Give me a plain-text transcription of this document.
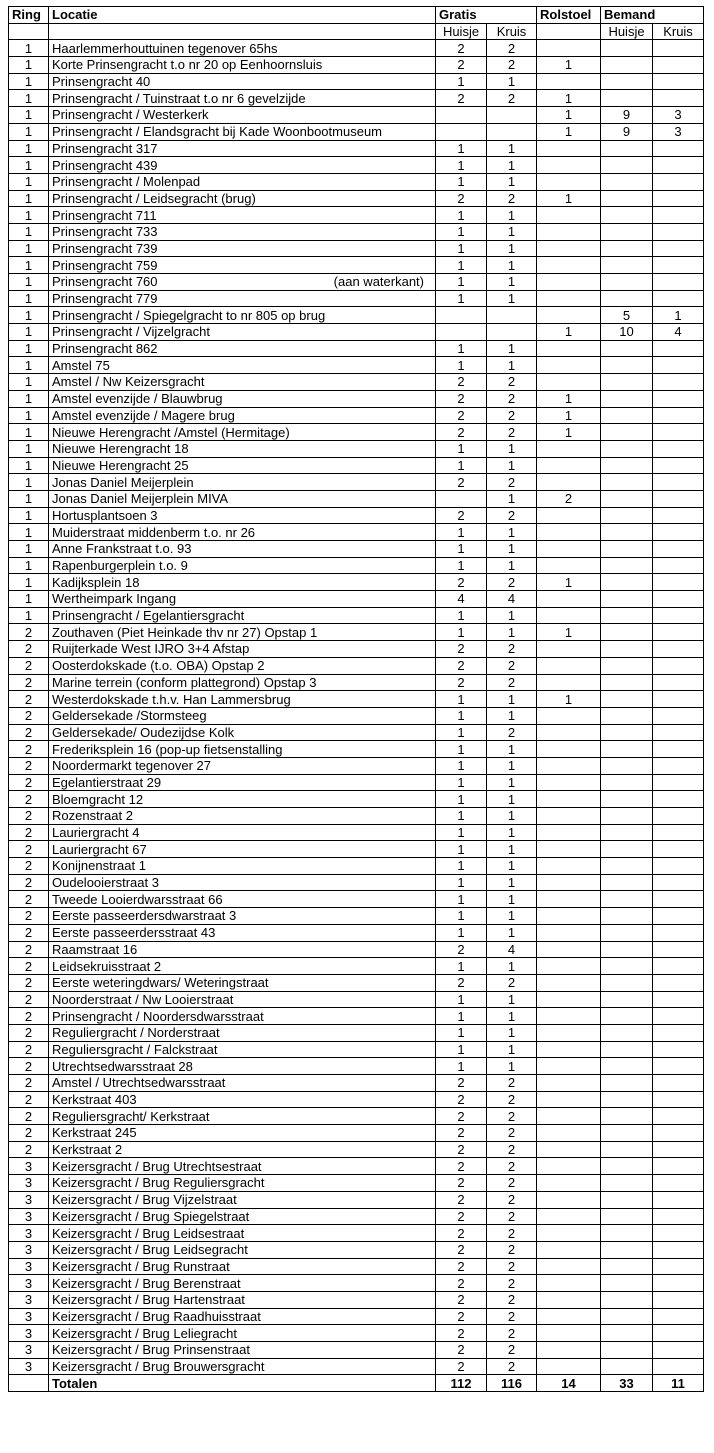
Ring	Locatie	Gratis		Rolstoel	Bemand	
		Huisje	Kruis		Huisje	Kruis
1	Haarlemmerhouttuinen tegenover 65hs	2	2			
1	Korte Prinsengracht t.o nr 20 op Eenhoornsluis	2	2	1		
1	Prinsengracht 40	1	1			
1	Prinsengracht / Tuinstraat t.o nr 6 gevelzijde	2	2	1		
1	Prinsengracht / Westerkerk			1	9	3
1	Prinsengracht / Elandsgracht bij Kade Woonbootmuseum			1	9	3
1	Prinsengracht 317	1	1			
1	Prinsengracht 439	1	1			
1	Prinsengracht / Molenpad	1	1			
1	Prinsengracht / Leidsegracht (brug)	2	2	1		
1	Prinsengracht 711	1	1			
1	Prinsengracht 733	1	1			
1	Prinsengracht 739	1	1			
1	Prinsengracht 759	1	1			
1	Prinsengracht 760 (aan waterkant)	1	1			
1	Prinsengracht 779	1	1			
1	Prinsengracht / Spiegelgracht to nr 805 op brug				5	1
1	Prinsengracht / Vijzelgracht			1	10	4
1	Prinsengracht 862	1	1			
1	Amstel 75	1	1			
1	Amstel / Nw Keizersgracht	2	2			
1	Amstel evenzijde / Blauwbrug	2	2	1		
1	Amstel evenzijde / Magere brug	2	2	1		
1	Nieuwe Herengracht /Amstel (Hermitage)	2	2	1		
1	Nieuwe Herengracht 18	1	1			
1	Nieuwe Herengracht 25	1	1			
1	Jonas Daniel Meijerplein	2	2			
1	Jonas Daniel Meijerplein MIVA		1	2		
1	Hortusplantsoen 3	2	2			
1	Muiderstraat middenberm t.o. nr 26	1	1			
1	Anne Frankstraat t.o. 93	1	1			
1	Rapenburgerplein t.o. 9	1	1			
1	Kadijksplein 18	2	2	1		
1	Wertheimpark Ingang	4	4			
1	Prinsengracht / Egelantiersgracht	1	1			
2	Zouthaven (Piet Heinkade thv nr 27) Opstap 1	1	1	1		
2	Ruijterkade West IJRO 3+4 Afstap	2	2			
2	Oosterdokskade (t.o. OBA) Opstap 2	2	2			
2	Marine terrein (conform plattegrond) Opstap 3	2	2			
2	Westerdokskade t.h.v. Han Lammersbrug	1	1	1		
2	Geldersekade /Stormsteeg	1	1			
2	Geldersekade/ Oudezijdse Kolk	1	2			
2	Frederiksplein 16 (pop-up fietsenstalling	1	1			
2	Noordermarkt tegenover 27	1	1			
2	Egelantierstraat 29	1	1			
2	Bloemgracht 12	1	1			
2	Rozenstraat 2	1	1			
2	Lauriergracht 4	1	1			
2	Lauriergracht 67	1	1			
2	Konijnenstraat 1	1	1			
2	Oudelooierstraat 3	1	1			
2	Tweede Looierdwarsstraat 66	1	1			
2	Eerste passeerdersdwarstraat 3	1	1			
2	Eerste passeerdersstraat 43	1	1			
2	Raamstraat 16	2	4			
2	Leidsekruisstraat 2	1	1			
2	Eerste weteringdwars/ Weteringstraat	2	2			
2	Noorderstraat / Nw Looierstraat	1	1			
2	Prinsengracht / Noordersdwarsstraat	1	1			
2	Reguliergracht / Norderstraat	1	1			
2	Reguliersgracht / Falckstraat	1	1			
2	Utrechtsedwarsstraat 28	1	1			
2	Amstel / Utrechtsedwarsstraat	2	2			
2	Kerkstraat 403	2	2			
2	Reguliersgracht/ Kerkstraat	2	2			
2	Kerkstraat 245	2	2			
2	Kerkstraat 2	2	2			
3	Keizersgracht / Brug Utrechtsestraat	2	2			
3	Keizersgracht / Brug Reguliersgracht	2	2			
3	Keizersgracht / Brug Vijzelstraat	2	2			
3	Keizersgracht / Brug Spiegelstraat	2	2			
3	Keizersgracht / Brug Leidsestraat	2	2			
3	Keizersgracht / Brug Leidsegracht	2	2			
3	Keizersgracht / Brug Runstraat	2	2			
3	Keizersgracht / Brug Berenstraat	2	2			
3	Keizersgracht / Brug Hartenstraat	2	2			
3	Keizersgracht / Brug Raadhuisstraat	2	2			
3	Keizersgracht / Brug Leliegracht	2	2			
3	Keizersgracht / Brug Prinsenstraat	2	2			
3	Keizersgracht / Brug Brouwersgracht	2	2			
	Totalen	112	116	14	33	11
